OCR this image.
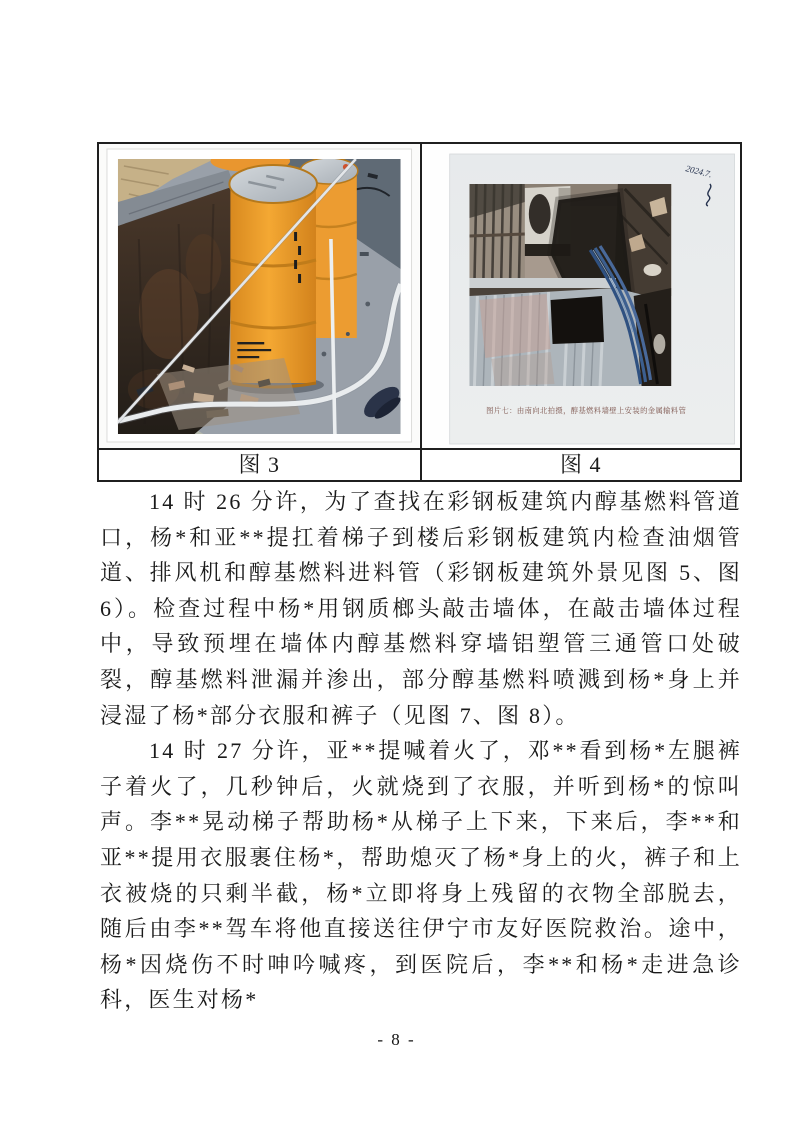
2024.7.
图片七：由南向北拍摄，醇基燃料墙壁上安装的金属输料管
图 3	图 4

14 时 26 分许，为了查找在彩钢板建筑内醇基燃料管道口，杨*和亚**提扛着梯子到楼后彩钢板建筑内检查油烟管道、排风机和醇基燃料进料管（彩钢板建筑外景见图 5、图 6）。检查过程中杨*用钢质榔头敲击墙体，在敲击墙体过程中，导致预埋在墙体内醇基燃料穿墙铝塑管三通管口处破裂，醇基燃料泄漏并渗出，部分醇基燃料喷溅到杨*身上并浸湿了杨*部分衣服和裤子（见图 7、图 8）。

14 时 27 分许，亚**提喊着火了，邓**看到杨*左腿裤子着火了，几秒钟后，火就烧到了衣服，并听到杨*的惊叫声。李**晃动梯子帮助杨*从梯子上下来，下来后，李**和亚**提用衣服裹住杨*，帮助熄灭了杨*身上的火，裤子和上衣被烧的只剩半截，杨*立即将身上残留的衣物全部脱去，随后由李**驾车将他直接送往伊宁市友好医院救治。途中，杨*因烧伤不时呻吟喊疼，到医院后，李**和杨*走进急诊科，医生对杨*

- 8 -
